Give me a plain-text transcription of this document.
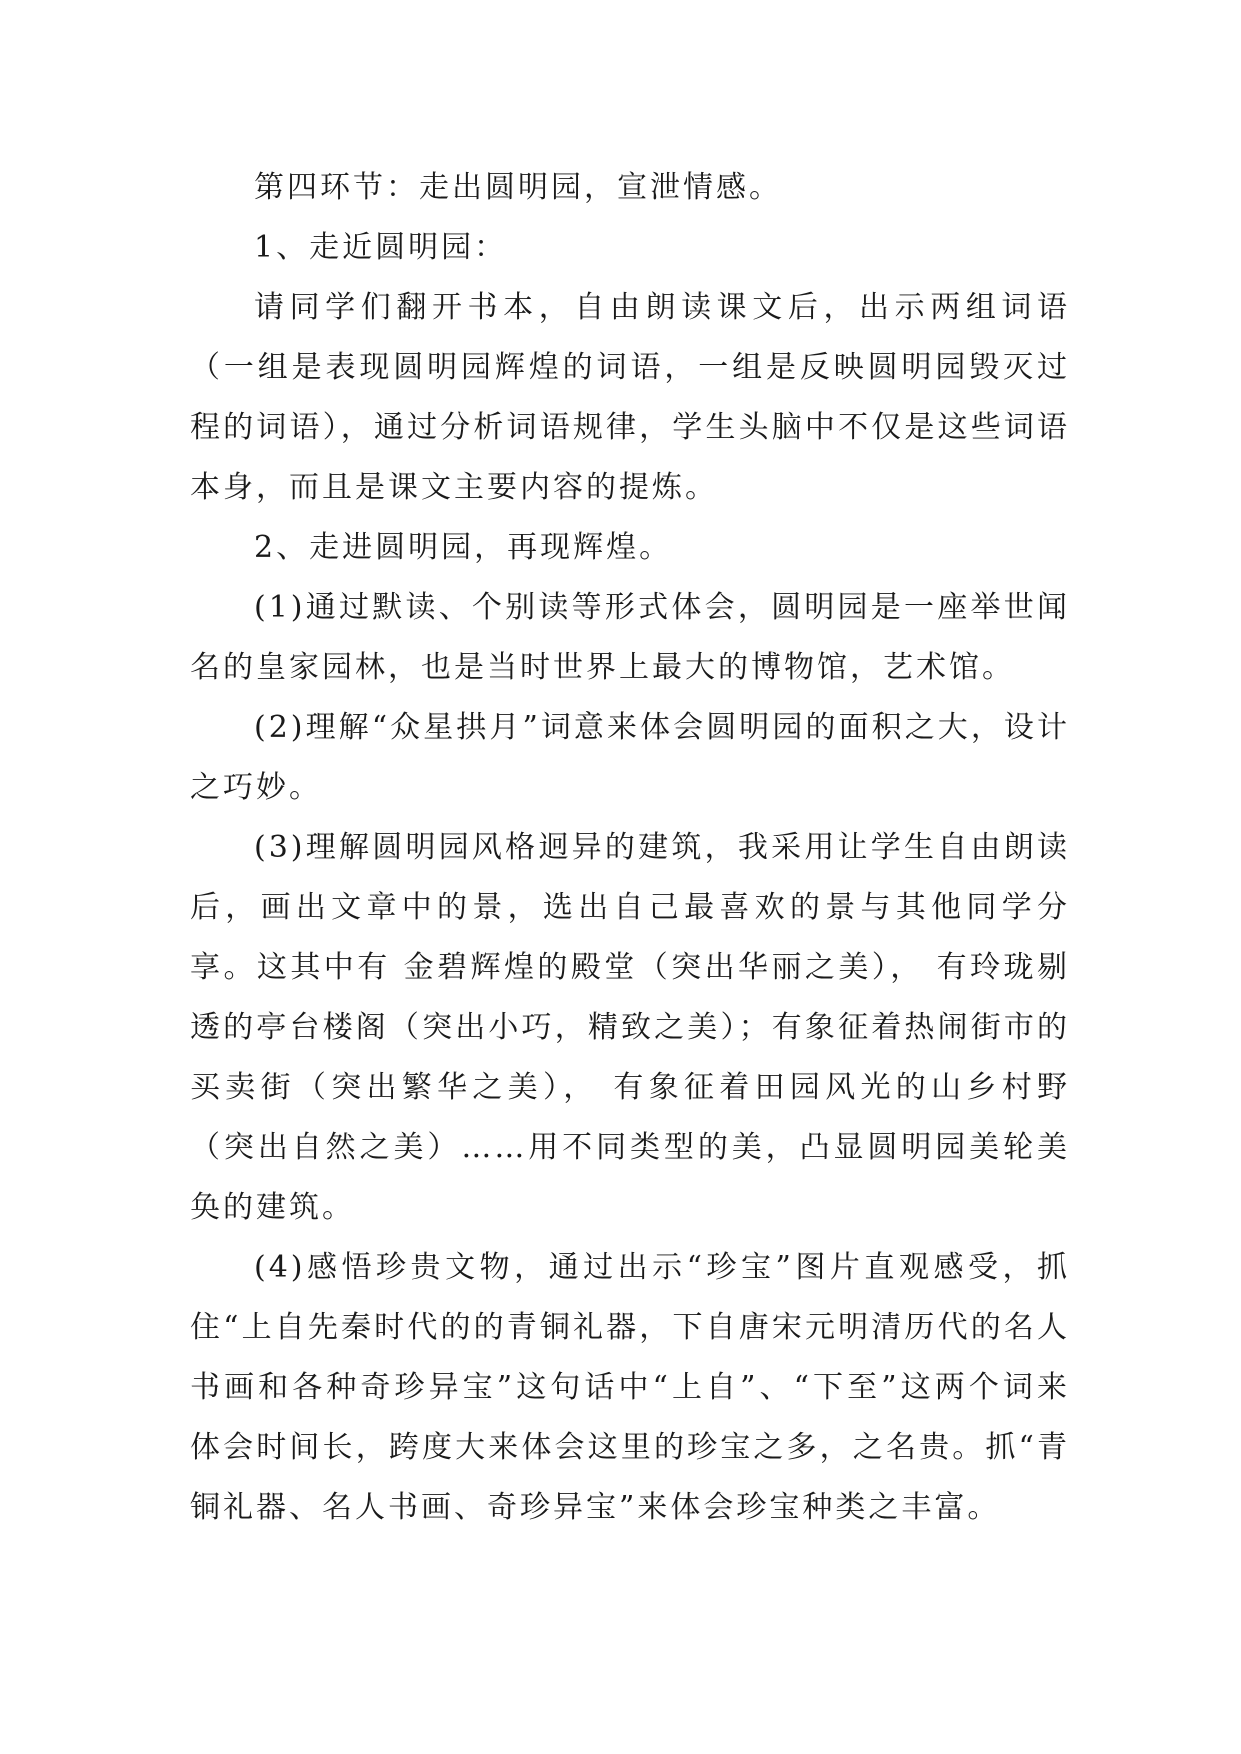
第四环节：走出圆明园，宣泄情感。

1、走近圆明园：

请同学们翻开书本，自由朗读课文后，出示两组词语（一组是表现圆明园辉煌的词语，一组是反映圆明园毁灭过程的词语），通过分析词语规律，学生头脑中不仅是这些词语本身，而且是课文主要内容的提炼。

2、走进圆明园，再现辉煌。

(1)通过默读、个别读等形式体会，圆明园是一座举世闻名的皇家园林，也是当时世界上最大的博物馆，艺术馆。

(2)理解“众星拱月”词意来体会圆明园的面积之大，设计之巧妙。

(3)理解圆明园风格迥异的建筑，我采用让学生自由朗读后，画出文章中的景，选出自己最喜欢的景与其他同学分享。这其中有 金碧辉煌的殿堂（突出华丽之美）， 有玲珑剔透的亭台楼阁（突出小巧，精致之美）；有象征着热闹街市的买卖街（突出繁华之美）， 有象征着田园风光的山乡村野（突出自然之美）……用不同类型的美，凸显圆明园美轮美奂的建筑。

(4)感悟珍贵文物，通过出示“珍宝”图片直观感受，抓住“上自先秦时代的的青铜礼器，下自唐宋元明清历代的名人书画和各种奇珍异宝”这句话中“上自”、“下至”这两个词来体会时间长，跨度大来体会这里的珍宝之多，之名贵。抓“青铜礼器、名人书画、奇珍异宝”来体会珍宝种类之丰富。
